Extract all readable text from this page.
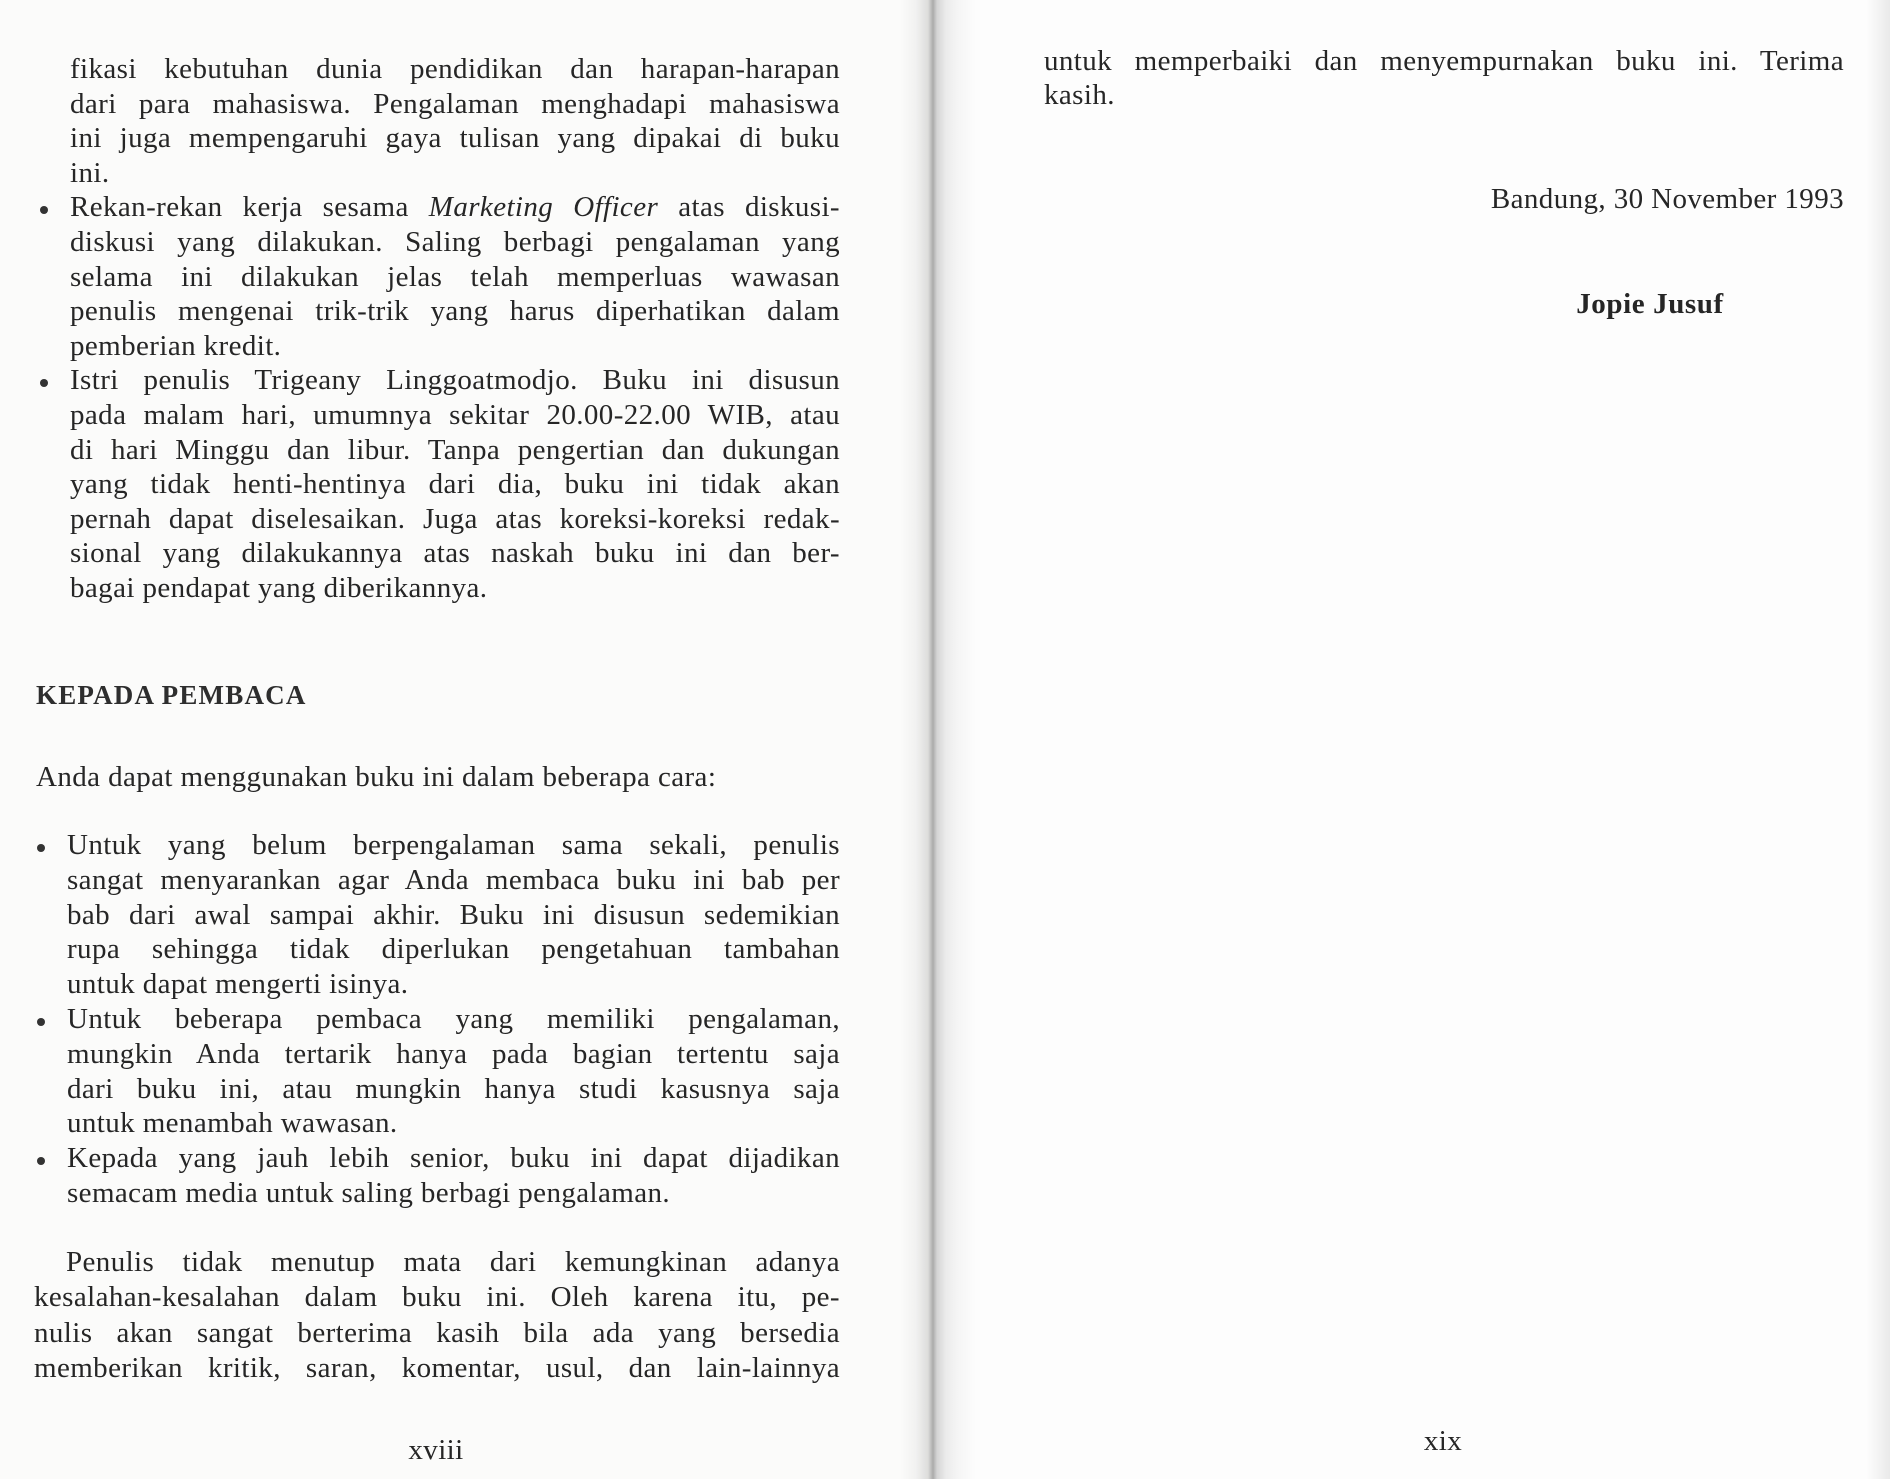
fikasi kebutuhan dunia pendidikan dan harapan-harapan
dari para mahasiswa. Pengalaman menghadapi mahasiswa
ini juga mempengaruhi gaya tulisan yang dipakai di buku
ini.
Rekan-rekan kerja sesama Marketing Officer atas diskusi-
diskusi yang dilakukan. Saling berbagi pengalaman yang
selama ini dilakukan jelas telah memperluas wawasan
penulis mengenai trik-trik yang harus diperhatikan dalam
pemberian kredit.
Istri penulis Trigeany Linggoatmodjo. Buku ini disusun
pada malam hari, umumnya sekitar 20.00-22.00 WIB, atau
di hari Minggu dan libur. Tanpa pengertian dan dukungan
yang tidak henti-hentinya dari dia, buku ini tidak akan
pernah dapat diselesaikan. Juga atas koreksi-koreksi redak-
sional yang dilakukannya atas naskah buku ini dan ber-
bagai pendapat yang diberikannya.
KEPADA PEMBACA
Anda dapat menggunakan buku ini dalam beberapa cara:
Untuk yang belum berpengalaman sama sekali, penulis
sangat menyarankan agar Anda membaca buku ini bab per
bab dari awal sampai akhir. Buku ini disusun sedemikian
rupa sehingga tidak diperlukan pengetahuan tambahan
untuk dapat mengerti isinya.
Untuk beberapa pembaca yang memiliki pengalaman,
mungkin Anda tertarik hanya pada bagian tertentu saja
dari buku ini, atau mungkin hanya studi kasusnya saja
untuk menambah wawasan.
Kepada yang jauh lebih senior, buku ini dapat dijadikan
semacam media untuk saling berbagi pengalaman.
Penulis tidak menutup mata dari kemungkinan adanya
kesalahan-kesalahan dalam buku ini. Oleh karena itu, pe-
nulis akan sangat berterima kasih bila ada yang bersedia
memberikan kritik, saran, komentar, usul, dan lain-lainnya
xviii
untuk memperbaiki dan menyempurnakan buku ini. Terima
kasih.
Bandung, 30 November 1993
Jopie Jusuf
xix
